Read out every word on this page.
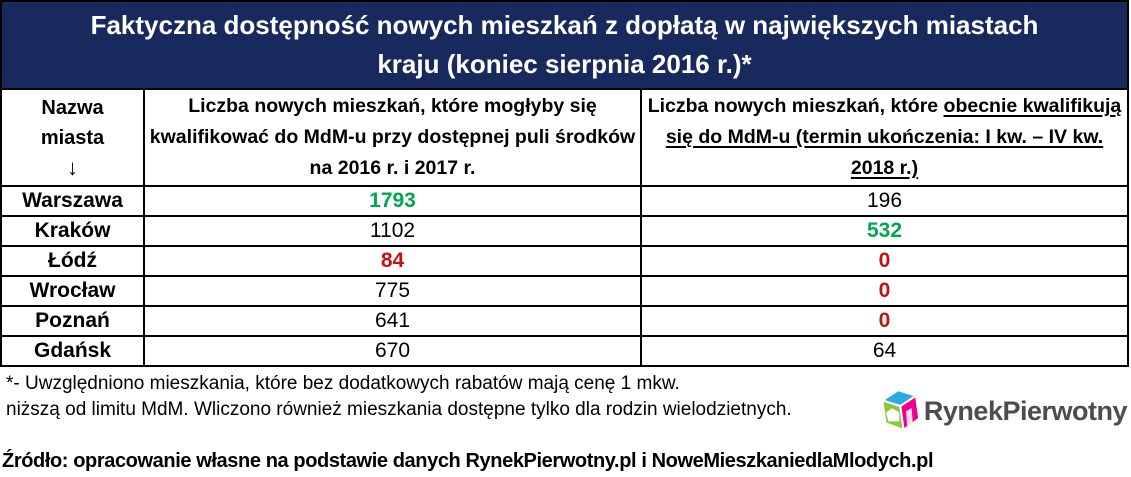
Faktyczna dostępność nowych mieszkań z dopłatą w największych miastach kraju (koniec sierpnia 2016 r.)*
Nazwa
miasta
↓	Liczba nowych mieszkań, które mogłyby się kwalifikować do MdM-u przy dostępnej puli środków na 2016 r. i 2017 r.	Liczba nowych mieszkań, które obecnie kwalifikują się do MdM-u (termin ukończenia: I kw. – IV kw. 2018 r.)
Warszawa	1793	196
Kraków	1102	532
Łódź	84	0
Wrocław	775	0
Poznań	641	0
Gdańsk	670	64
*- Uwzględniono mieszkania, które bez dodatkowych rabatów mają cenę 1 mkw.
niższą od limitu MdM. Wliczono również mieszkania dostępne tylko dla rodzin wielodzietnych.	RynekPierwotny
Źródło: opracowanie własne na podstawie danych RynekPierwotny.pl i NoweMieszkaniedlaMlodych.pl
